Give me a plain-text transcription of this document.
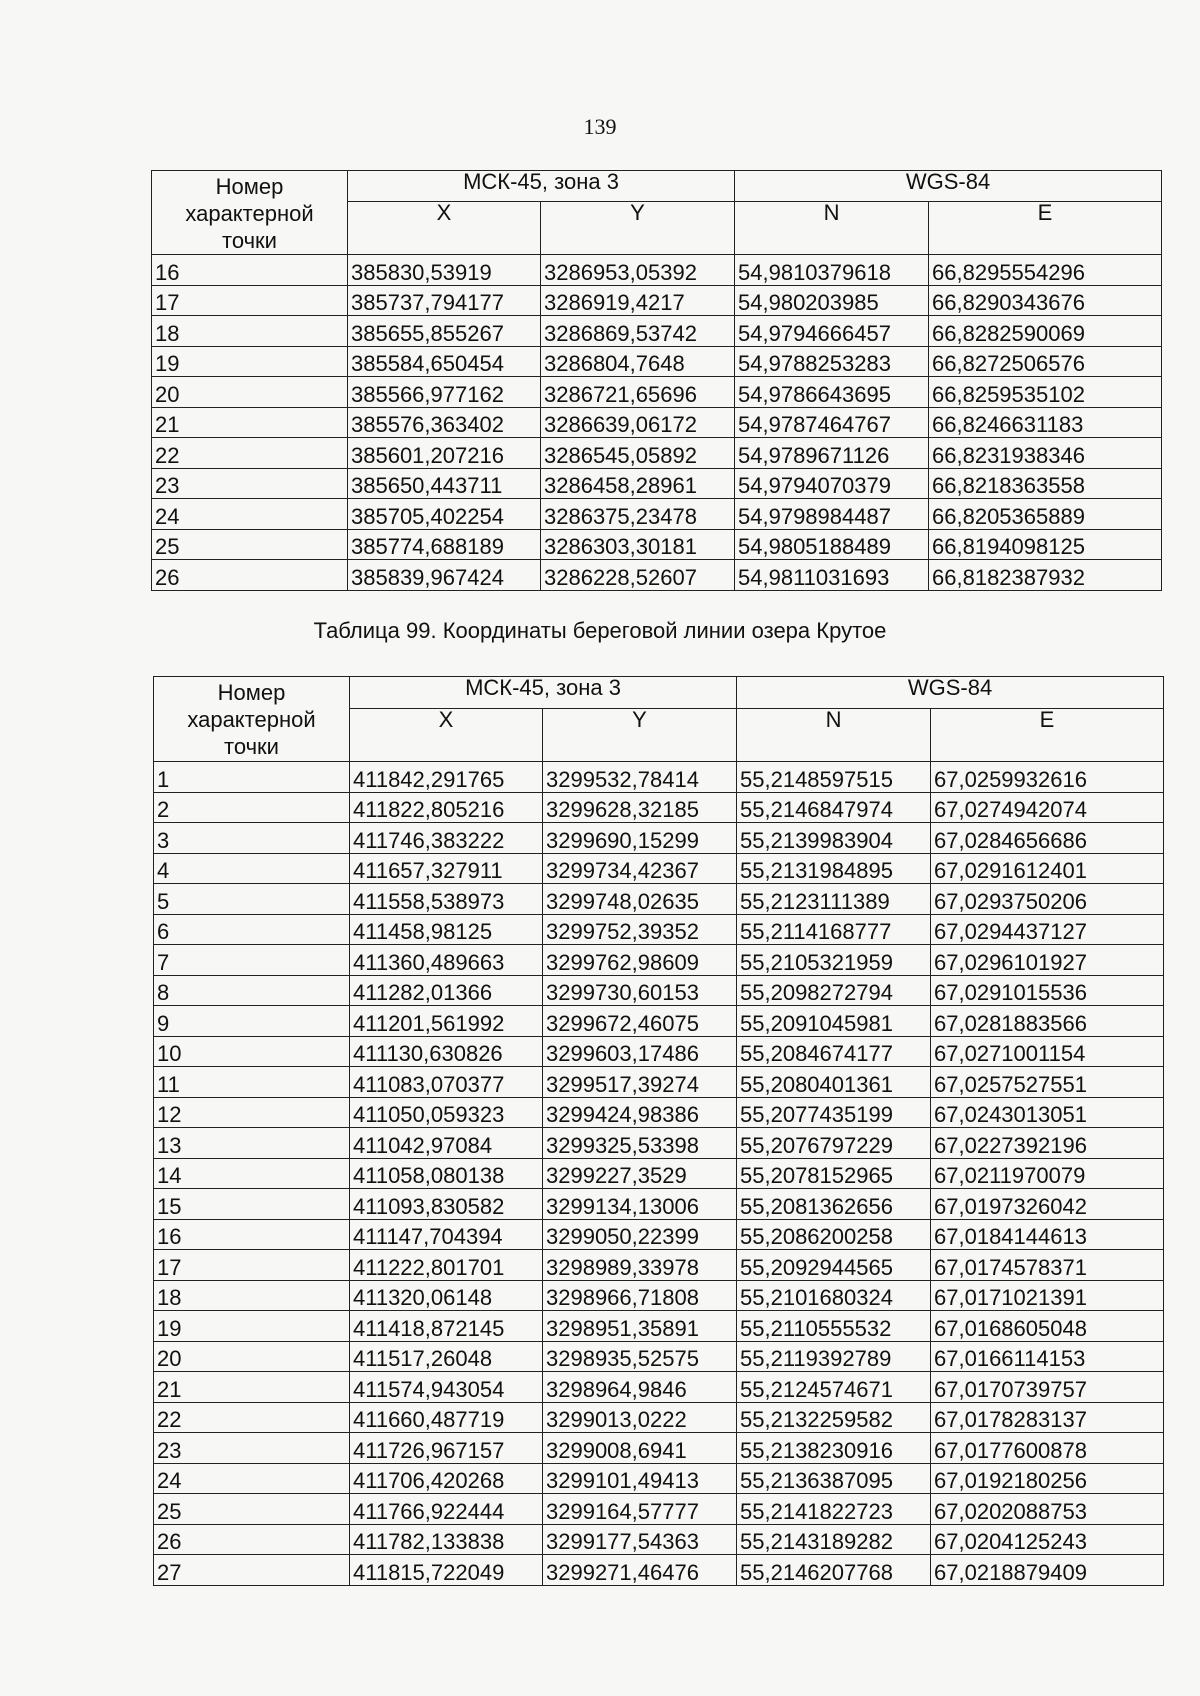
139
Номер характерной точки	МСК-45, зона 3		WGS-84	
	X	Y	N	E
16	385830,53919	3286953,05392	54,9810379618	66,8295554296
17	385737,794177	3286919,4217	54,980203985	66,8290343676
18	385655,855267	3286869,53742	54,9794666457	66,8282590069
19	385584,650454	3286804,7648	54,9788253283	66,8272506576
20	385566,977162	3286721,65696	54,9786643695	66,8259535102
21	385576,363402	3286639,06172	54,9787464767	66,8246631183
22	385601,207216	3286545,05892	54,9789671126	66,8231938346
23	385650,443711	3286458,28961	54,9794070379	66,8218363558
24	385705,402254	3286375,23478	54,9798984487	66,8205365889
25	385774,688189	3286303,30181	54,9805188489	66,8194098125
26	385839,967424	3286228,52607	54,9811031693	66,8182387932
Таблица 99. Координаты береговой линии озера Крутое
Номер характерной точки	МСК-45, зона 3		WGS-84	
	X	Y	N	E
1	411842,291765	3299532,78414	55,2148597515	67,0259932616
2	411822,805216	3299628,32185	55,2146847974	67,0274942074
3	411746,383222	3299690,15299	55,2139983904	67,0284656686
4	411657,327911	3299734,42367	55,2131984895	67,0291612401
5	411558,538973	3299748,02635	55,2123111389	67,0293750206
6	411458,98125	3299752,39352	55,2114168777	67,0294437127
7	411360,489663	3299762,98609	55,2105321959	67,0296101927
8	411282,01366	3299730,60153	55,2098272794	67,0291015536
9	411201,561992	3299672,46075	55,2091045981	67,0281883566
10	411130,630826	3299603,17486	55,2084674177	67,0271001154
11	411083,070377	3299517,39274	55,2080401361	67,0257527551
12	411050,059323	3299424,98386	55,2077435199	67,0243013051
13	411042,97084	3299325,53398	55,2076797229	67,0227392196
14	411058,080138	3299227,3529	55,2078152965	67,0211970079
15	411093,830582	3299134,13006	55,2081362656	67,0197326042
16	411147,704394	3299050,22399	55,2086200258	67,0184144613
17	411222,801701	3298989,33978	55,2092944565	67,0174578371
18	411320,06148	3298966,71808	55,2101680324	67,0171021391
19	411418,872145	3298951,35891	55,2110555532	67,0168605048
20	411517,26048	3298935,52575	55,2119392789	67,0166114153
21	411574,943054	3298964,9846	55,2124574671	67,0170739757
22	411660,487719	3299013,0222	55,2132259582	67,0178283137
23	411726,967157	3299008,6941	55,2138230916	67,0177600878
24	411706,420268	3299101,49413	55,2136387095	67,0192180256
25	411766,922444	3299164,57777	55,2141822723	67,0202088753
26	411782,133838	3299177,54363	55,2143189282	67,0204125243
27	411815,722049	3299271,46476	55,2146207768	67,0218879409
